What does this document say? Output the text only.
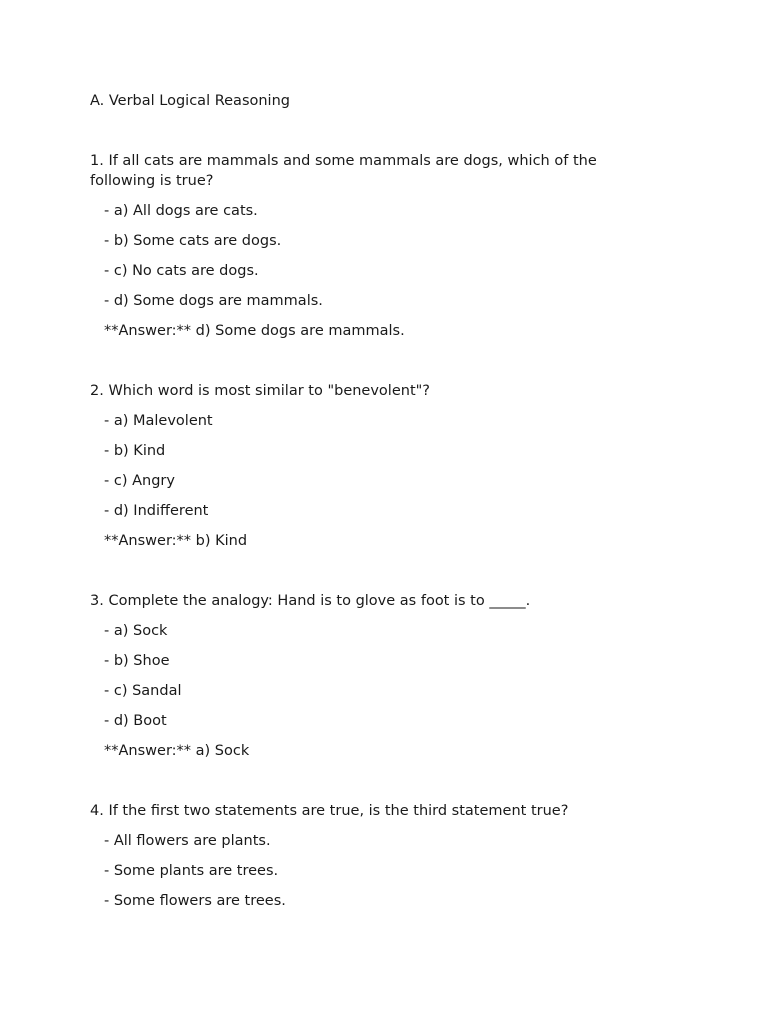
A. Verbal Logical Reasoning
1. If all cats are mammals and some mammals are dogs, which of the following is true?
- a) All dogs are cats.
- b) Some cats are dogs.
- c) No cats are dogs.
- d) Some dogs are mammals.
**Answer:** d) Some dogs are mammals.
2. Which word is most similar to "benevolent"?
- a) Malevolent
- b) Kind
- c) Angry
- d) Indifferent
**Answer:** b) Kind
3. Complete the analogy: Hand is to glove as foot is to _____.
- a) Sock
- b) Shoe
- c) Sandal
- d) Boot
**Answer:** a) Sock
4. If the first two statements are true, is the third statement true?
- All flowers are plants.
- Some plants are trees.
- Some flowers are trees.
